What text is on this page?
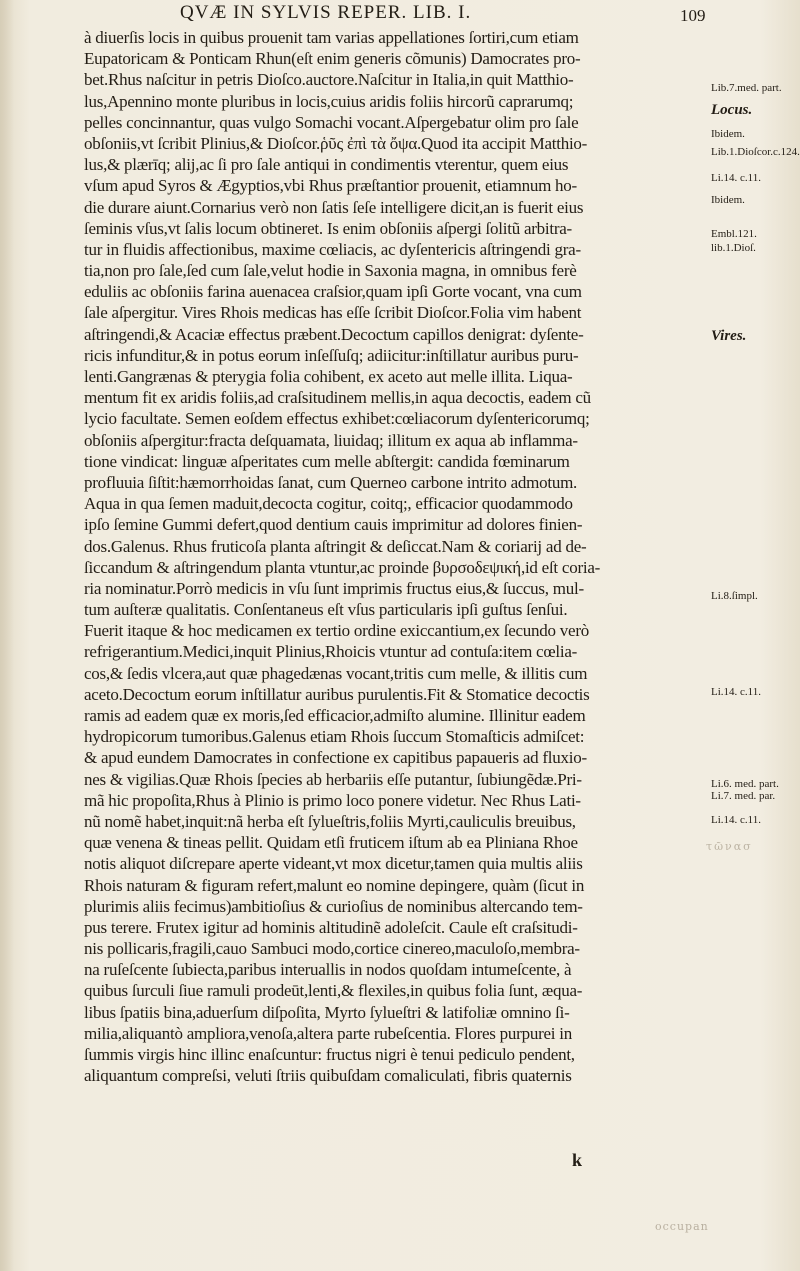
QVÆ IN SYLVIS REPER. LIB. I.	109
à diuerſis locis in quibus prouenit tam varias appellationes ſortiri,cum etiam
Eupatoricam & Ponticam Rhun(eſt enim generis cõmunis) Damocrates pro-
bet.Rhus naſcitur in petris Dioſco.auctore.Naſcitur in Italia,in quit Matthio-
lus,Apennino monte pluribus in locis,cuius aridis foliis hircorũ caprarumq;
pelles concinnantur, quas vulgo Somachi vocant.Aſpergebatur olim pro ſale
obſoniis,vt ſcribit Plinius,& Dioſcor.ῥῦς ἐπὶ τὰ ὄψα.Quod ita accipit Matthio-
lus,& plærīq; alij,ac ſi pro ſale antiqui in condimentis vterentur, quem eius
vſum apud Syros & Ægyptios,vbi Rhus præſtantior prouenit, etiamnum ho-
die durare aiunt.Cornarius verò non ſatis ſeſe intelligere dicit,an is fuerit eius
ſeminis vſus,vt ſalis locum obtineret. Is enim obſoniis aſpergi ſolitũ arbitra-
tur in fluidis affectionibus, maxime cœliacis, ac dyſentericis aſtringendi gra-
tia,non pro ſale,ſed cum ſale,velut hodie in Saxonia magna, in omnibus ferè
eduliis ac obſoniis farina auenacea craſsior,quam ipſi Gorte vocant, vna cum
ſale aſpergitur. Vires Rhois medicas has eſſe ſcribit Dioſcor.Folia vim habent
aſtringendi,& Acaciæ effectus præbent.Decoctum capillos denigrat: dyſente-
ricis infunditur,& in potus eorum inſeſſuſq; adiicitur:inſtillatur auribus puru-
lenti.Gangrænas & pterygia folia cohibent, ex aceto aut melle illita. Liqua-
mentum fit ex aridis foliis,ad craſsitudinem mellis,in aqua decoctis, eadem cũ
lycio facultate. Semen eoſdem effectus exhibet:cœliacorum dyſentericorumq;
obſoniis aſpergitur:fracta deſquamata, liuidaq; illitum ex aqua ab inflamma-
tione vindicat: linguæ aſperitates cum melle abſtergit: candida fœminarum
profluuia ſiſtit:hæmorrhoidas ſanat, cum Querneo carbone intrito admotum.
Aqua in qua ſemen maduit,decocta cogitur, coitq;, efficacior quodammodo
ipſo ſemine Gummi defert,quod dentium cauis imprimitur ad dolores finien-
dos.Galenus. Rhus fruticoſa planta aſtringit & deſiccat.Nam & coriarij ad de-
ſiccandum & aſtringendum planta vtuntur,ac proinde βυρσοδεψική,id eſt coria-
ria nominatur.Porrò medicis in vſu ſunt imprimis fructus eius,& ſuccus, mul-
tum auſteræ qualitatis. Conſentaneus eſt vſus particularis ipſi guſtus ſenſui.
Fuerit itaque & hoc medicamen ex tertio ordine exiccantium,ex ſecundo verò
refrigerantium.Medici,inquit Plinius,Rhoicis vtuntur ad contuſa:item cœlia-
cos,& ſedis vlcera,aut quæ phagedænas vocant,tritis cum melle, & illitis cum
aceto.Decoctum eorum inſtillatur auribus purulentis.Fit & Stomatice decoctis
ramis ad eadem quæ ex moris,ſed efficacior,admiſto alumine. Illinitur eadem
hydropicorum tumoribus.Galenus etiam Rhois ſuccum Stomaſticis admiſcet:
& apud eundem Damocrates in confectione ex capitibus papaueris ad fluxio-
nes & vigilias.Quæ Rhois ſpecies ab herbariis eſſe putantur, ſubiungẽdæ.Pri-
mã hic propoſita,Rhus à Plinio is primo loco ponere videtur. Nec Rhus Lati-
nũ nomẽ habet,inquit:nã herba eſt ſylueſtris,foliis Myrti,cauliculis breuibus,
quæ venena & tineas pellit. Quidam etſi fruticem iſtum ab ea Pliniana Rhoe
notis aliquot diſcrepare aperte videant,vt mox dicetur,tamen quia multis aliis
Rhois naturam & figuram refert,malunt eo nomine depingere, quàm (ſicut in
plurimis aliis fecimus)ambitioſius & curioſius de nominibus altercando tem-
pus terere. Frutex igitur ad hominis altitudinẽ adoleſcit. Caule eſt craſsitudi-
nis pollicaris,fragili,cauo Sambuci modo,cortice cinereo,maculoſo,membra-
na ruſeſcente ſubiecta,paribus interuallis in nodos quoſdam intumeſcente, à
quibus ſurculi ſiue ramuli prodeūt,lenti,& flexiles,in quibus folia ſunt, æqua-
libus ſpatiis bina,aduerſum diſpoſita, Myrto ſylueſtri & latifoliæ omnino ſi-
milia,aliquantò ampliora,venoſa,altera parte rubeſcentia. Flores purpurei in
ſummis virgis hinc illinc enaſcuntur: fructus nigri è tenui pediculo pendent,
aliquantum compreſsi, veluti ſtriis quibuſdam comaliculati, fibris quaternis
Lib.7.med. part.
Locus.
Ibidem.
Lib.1.Dioſcor.c.124.
Li.14. c.11.
Ibidem.
Embl.121.
lib.1.Dioſ.
Vires.
Li.8.ſimpl.
Li.14. c.11.
Li.6. med. part.
Li.7. med. par.
Li.14. c.11.
τῶνασ
k
occupan
